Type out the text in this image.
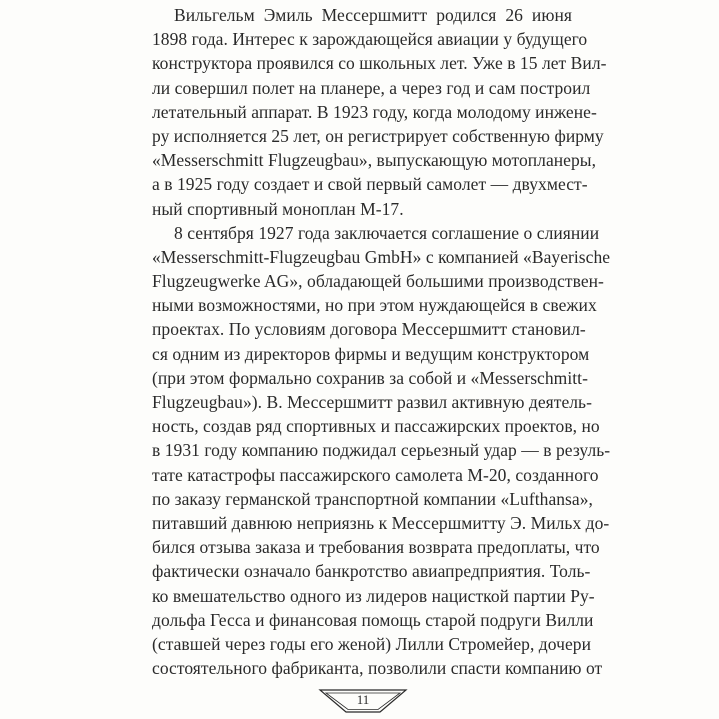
Вильгельм Эмиль Мессершмитт родился 26 июня
1898 года. Интерес к зарождающейся авиации у будущего
конструктора проявился со школьных лет. Уже в 15 лет Вил-
ли совершил полет на планере, а через год и сам построил
летательный аппарат. В 1923 году, когда молодому инжене-
ру исполняется 25 лет, он регистрирует собственную фирму
«Messerschmitt Flugzeugbau», выпускающую мотопланеры,
а в 1925 году создает и свой первый самолет — двухмест-
ный спортивный моноплан М-17.
8 сентября 1927 года заключается соглашение о слиянии
«Messerschmitt-Flugzeugbau GmbH» с компанией «Bayerische
Flugzeugwerke AG», обладающей большими производствен-
ными возможностями, но при этом нуждающейся в свежих
проектах. По условиям договора Мессершмитт становил-
ся одним из директоров фирмы и ведущим конструктором
(при этом формально сохранив за собой и «Messerschmitt-
Flugzeugbau»). В. Мессершмитт развил активную деятель-
ность, создав ряд спортивных и пассажирских проектов, но
в 1931 году компанию поджидал серьезный удар — в резуль-
тате катастрофы пассажирского самолета М-20, созданного
по заказу германской транспортной компании «Lufthansa»,
питавший давнюю неприязнь к Мессершмитту Э. Мильх до-
бился отзыва заказа и требования возврата предоплаты, что
фактически означало банкротство авиапредприятия. Толь-
ко вмешательство одного из лидеров нацисткой партии Ру-
дольфа Гесса и финансовая помощь старой подруги Вилли
(ставшей через годы его женой) Лилли Стромейер, дочери
состоятельного фабриканта, позволили спасти компанию от
11
